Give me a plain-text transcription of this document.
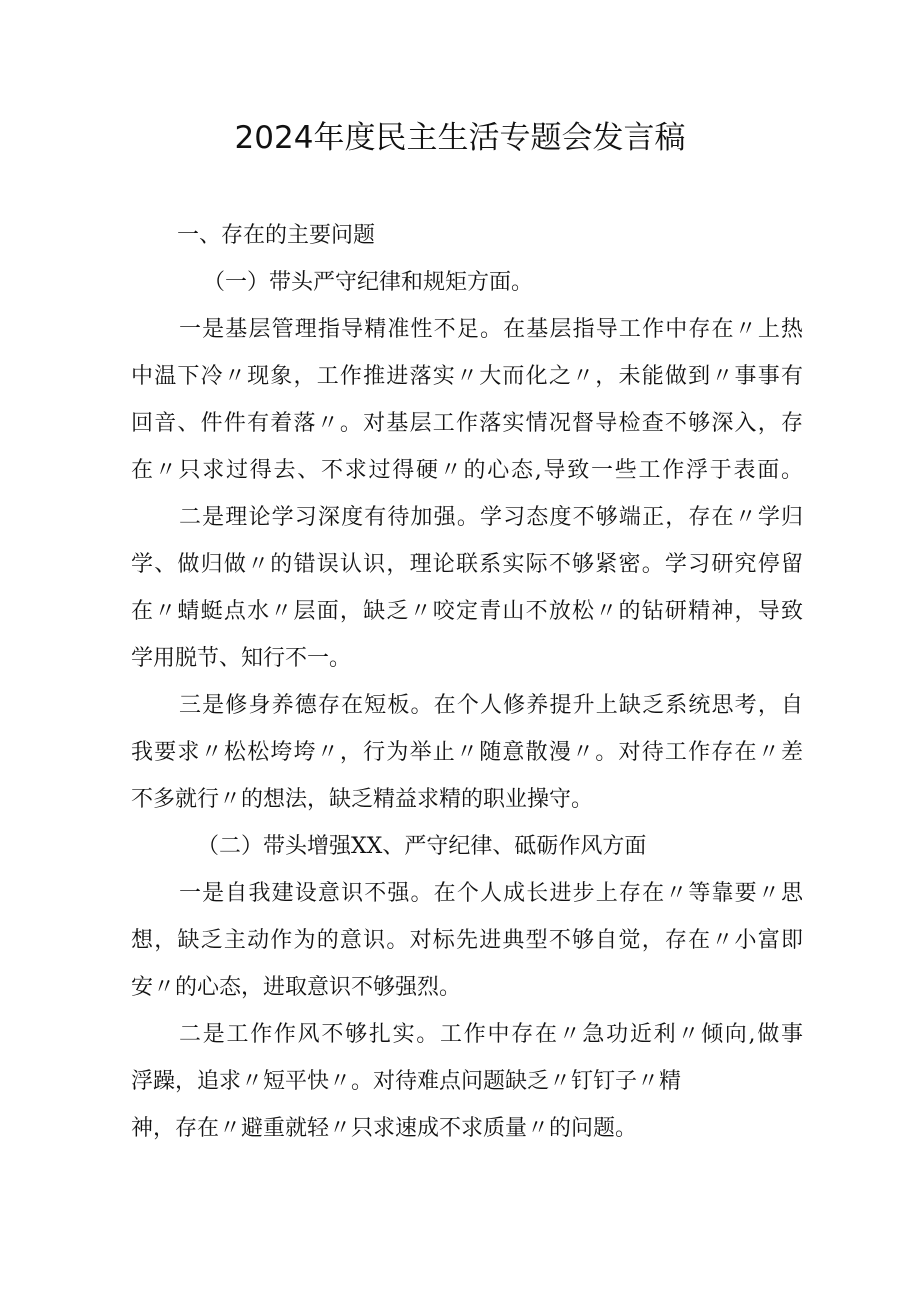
2024年度民主生活专题会发言稿
一、存在的主要问题
（一）带头严守纪律和规矩方面。
一是基层管理指导精准性不足。在基层指导工作中存在〃上热
中温下冷〃现象，工作推进落实〃大而化之〃，未能做到〃事事有
回音、件件有着落〃。对基层工作落实情况督导检查不够深入，存
在〃只求过得去、不求过得硬〃的心态,导致一些工作浮于表面。
二是理论学习深度有待加强。学习态度不够端正，存在〃学归
学、做归做〃的错误认识，理论联系实际不够紧密。学习研究停留
在〃蜻蜓点水〃层面，缺乏〃咬定青山不放松〃的钻研精神，导致
学用脱节、知行不一。
三是修身养德存在短板。在个人修养提升上缺乏系统思考，自
我要求〃松松垮垮〃，行为举止〃随意散漫〃。对待工作存在〃差
不多就行〃的想法，缺乏精益求精的职业操守。
（二）带头增强XX、严守纪律、砥砺作风方面
一是自我建设意识不强。在个人成长进步上存在〃等靠要〃思
想，缺乏主动作为的意识。对标先进典型不够自觉，存在〃小富即
安〃的心态，进取意识不够强烈。
二是工作作风不够扎实。工作中存在〃急功近利〃倾向,做事
浮躁，追求〃短平快〃。对待难点问题缺乏〃钉钉子〃精
神，存在〃避重就轻〃只求速成不求质量〃的问题。
